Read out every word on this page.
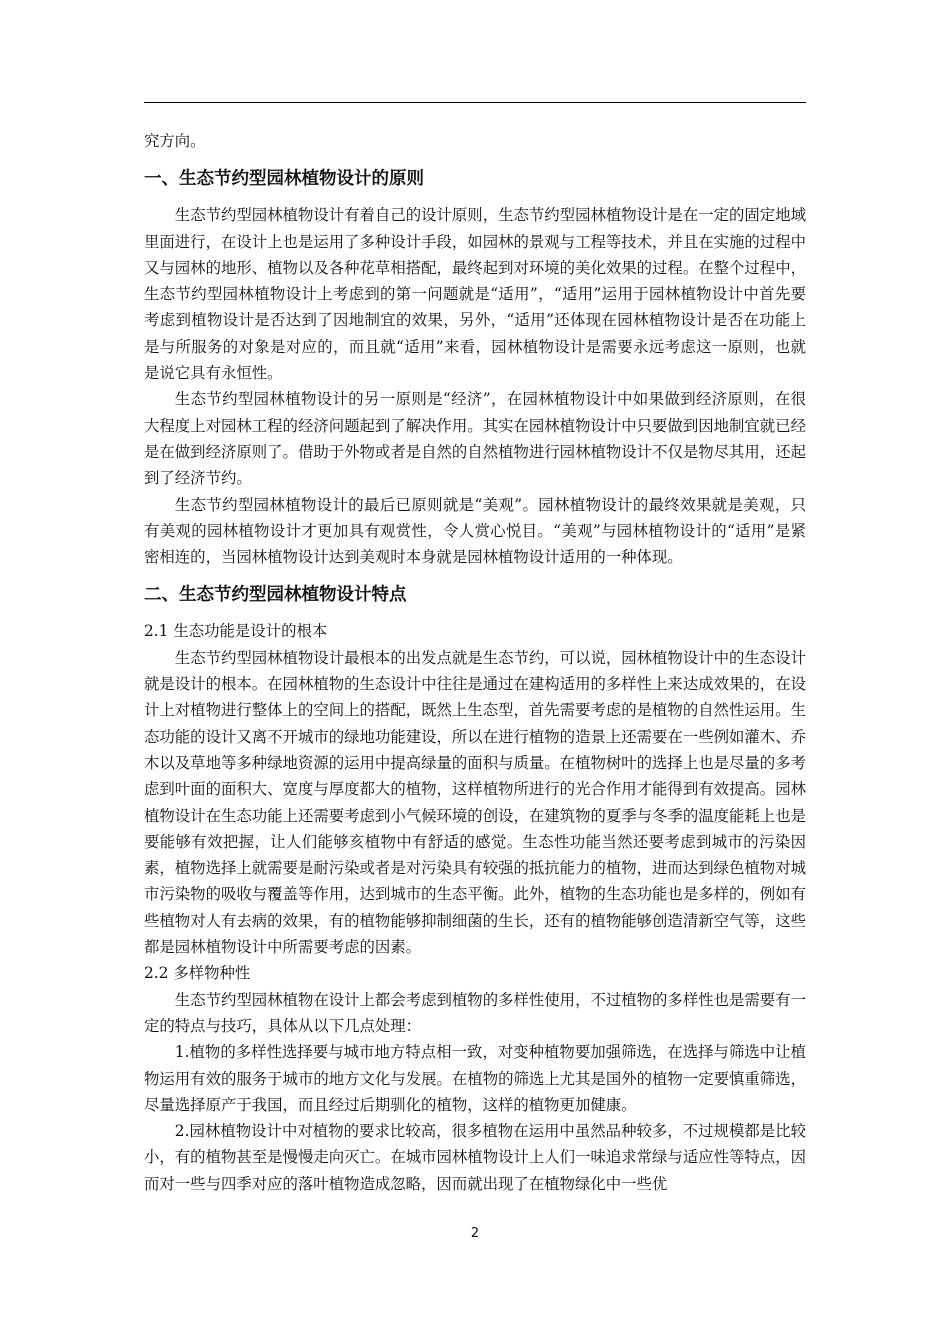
究方向。

一、生态节约型园林植物设计的原则

生态节约型园林植物设计有着自己的设计原则，生态节约型园林植物设计是在一定的固定地域里面进行，在设计上也是运用了多种设计手段，如园林的景观与工程等技术，并且在实施的过程中又与园林的地形、植物以及各种花草相搭配，最终起到对环境的美化效果的过程。在整个过程中，生态节约型园林植物设计上考虑到的第一问题就是“适用”，“适用”运用于园林植物设计中首先要考虑到植物设计是否达到了因地制宜的效果，另外，“适用”还体现在园林植物设计是否在功能上是与所服务的对象是对应的，而且就“适用”来看，园林植物设计是需要永远考虑这一原则，也就是说它具有永恒性。

生态节约型园林植物设计的另一原则是“经济”，在园林植物设计中如果做到经济原则，在很大程度上对园林工程的经济问题起到了解决作用。其实在园林植物设计中只要做到因地制宜就已经是在做到经济原则了。借助于外物或者是自然的自然植物进行园林植物设计不仅是物尽其用，还起到了经济节约。

生态节约型园林植物设计的最后已原则就是“美观”。园林植物设计的最终效果就是美观，只有美观的园林植物设计才更加具有观赏性，令人赏心悦目。“美观”与园林植物设计的“适用”是紧密相连的，当园林植物设计达到美观时本身就是园林植物设计适用的一种体现。

二、生态节约型园林植物设计特点

2.1 生态功能是设计的根本

生态节约型园林植物设计最根本的出发点就是生态节约，可以说，园林植物设计中的生态设计就是设计的根本。在园林植物的生态设计中往往是通过在建构适用的多样性上来达成效果的，在设计上对植物进行整体上的空间上的搭配，既然上生态型，首先需要考虑的是植物的自然性运用。生态功能的设计又离不开城市的绿地功能建设，所以在进行植物的造景上还需要在一些例如灌木、乔木以及草地等多种绿地资源的运用中提高绿量的面积与质量。在植物树叶的选择上也是尽量的多考虑到叶面的面积大、宽度与厚度都大的植物，这样植物所进行的光合作用才能得到有效提高。园林植物设计在生态功能上还需要考虑到小气候环境的创设，在建筑物的夏季与冬季的温度能耗上也是要能够有效把握，让人们能够亥植物中有舒适的感觉。生态性功能当然还要考虑到城市的污染因素，植物选择上就需要是耐污染或者是对污染具有较强的抵抗能力的植物，进而达到绿色植物对城市污染物的吸收与覆盖等作用，达到城市的生态平衡。此外，植物的生态功能也是多样的，例如有些植物对人有去病的效果，有的植物能够抑制细菌的生长，还有的植物能够创造清新空气等，这些都是园林植物设计中所需要考虑的因素。

2.2 多样物种性

生态节约型园林植物在设计上都会考虑到植物的多样性使用，不过植物的多样性也是需要有一定的特点与技巧，具体从以下几点处理：

1.植物的多样性选择要与城市地方特点相一致，对变种植物要加强筛选，在选择与筛选中让植物运用有效的服务于城市的地方文化与发展。在植物的筛选上尤其是国外的植物一定要慎重筛选，尽量选择原产于我国，而且经过后期驯化的植物，这样的植物更加健康。

2.园林植物设计中对植物的要求比较高，很多植物在运用中虽然品种较多，不过规模都是比较小，有的植物甚至是慢慢走向灭亡。在城市园林植物设计上人们一味追求常绿与适应性等特点，因而对一些与四季对应的落叶植物造成忽略，因而就出现了在植物绿化中一些优

2
